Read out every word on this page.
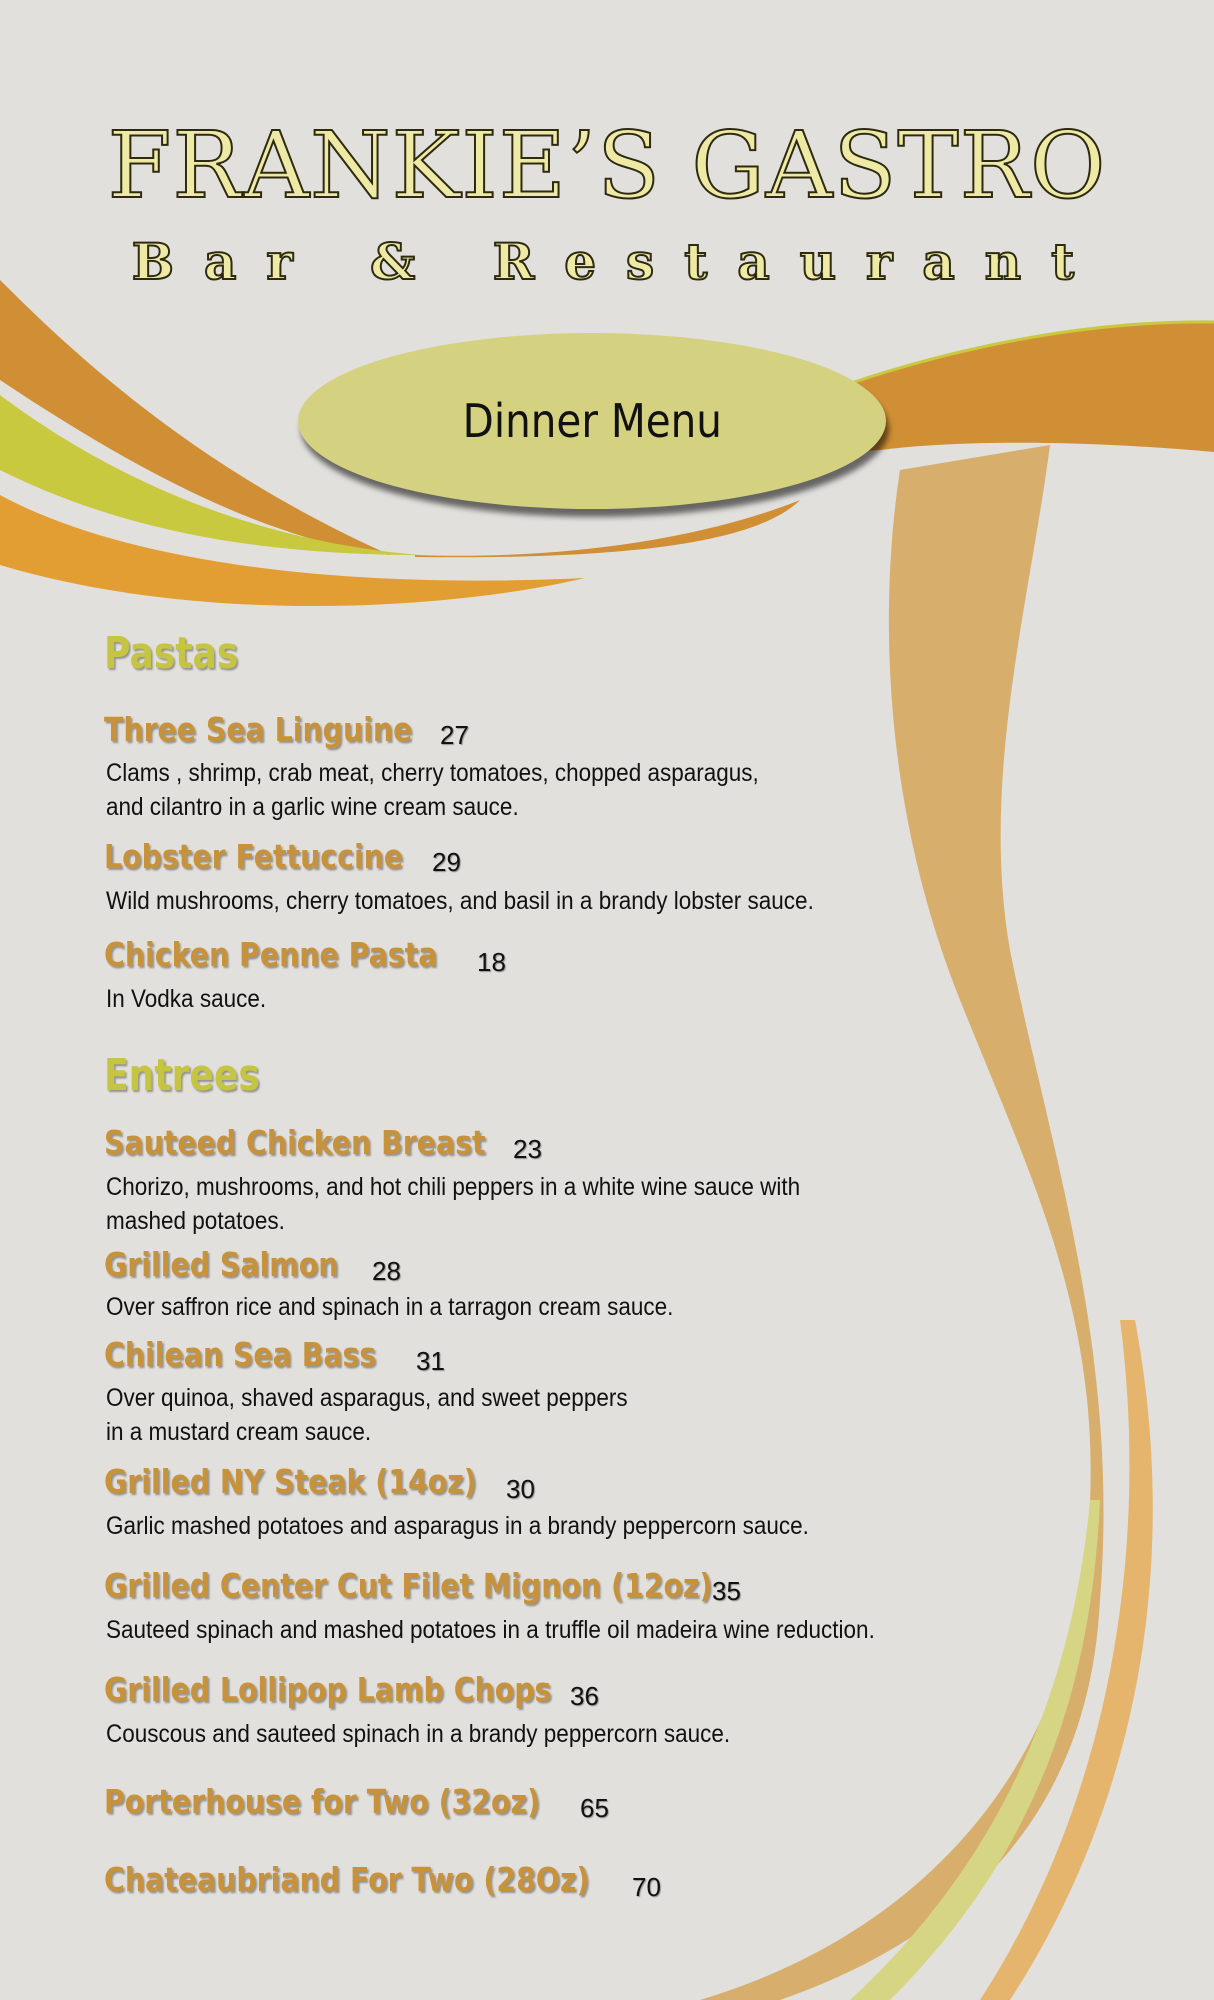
FRANKIE’S GASTRO
Bar & Restaurant
Dinner Menu
Pastas
Three Sea Linguine 27
Clams , shrimp, crab meat, cherry tomatoes, chopped asparagus,
and cilantro in a garlic wine cream sauce.
Lobster Fettuccine 29
Wild mushrooms, cherry tomatoes, and basil in a brandy lobster sauce.
Chicken Penne Pasta 18
In Vodka sauce.
Entrees
Sauteed Chicken Breast 23
Chorizo, mushrooms, and hot chili peppers in a white wine sauce with
mashed potatoes.
Grilled Salmon 28
Over saffron rice and spinach in a tarragon cream sauce.
Chilean Sea Bass 31
Over quinoa, shaved asparagus, and sweet peppers
in a mustard cream sauce.
Grilled NY Steak (14oz) 30
Garlic mashed potatoes and asparagus in a brandy peppercorn sauce.
Grilled Center Cut Filet Mignon (12oz) 35
Sauteed spinach and mashed potatoes in a truffle oil madeira wine reduction.
Grilled Lollipop Lamb Chops 36
Couscous and sauteed spinach in a brandy peppercorn sauce.
Porterhouse for Two (32oz) 65
Chateaubriand For Two (28Oz) 70
